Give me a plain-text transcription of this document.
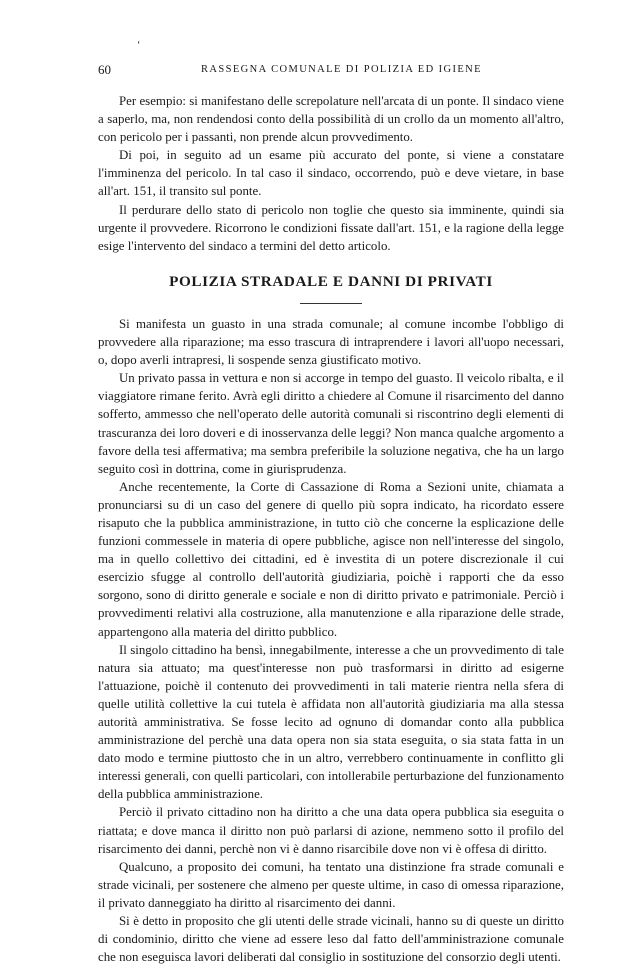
‘
60	RASSEGNA COMUNALE DI POLIZIA ED IGIENE

Per esempio: si manifestano delle screpolature nell'arcata di un ponte. Il sindaco viene a saperlo, ma, non rendendosi conto della possibilità di un crollo da un momento all'altro, con pericolo per i passanti, non prende alcun provvedimento.

Di poi, in seguito ad un esame più accurato del ponte, si viene a constatare l'imminenza del pericolo. In tal caso il sindaco, occorrendo, può e deve vietare, in base all'art. 151, il transito sul ponte.

Il perdurare dello stato di pericolo non toglie che questo sia imminente, quindi sia urgente il provvedere. Ricorrono le condizioni fissate dall'art. 151, e la ragione della legge esige l'intervento del sindaco a termini del detto articolo.

POLIZIA STRADALE E DANNI DI PRIVATI

Si manifesta un guasto in una strada comunale; al comune incombe l'obbligo di provvedere alla riparazione; ma esso trascura di intraprendere i lavori all'uopo necessari, o, dopo averli intrapresi, li sospende senza giustificato motivo.

Un privato passa in vettura e non si accorge in tempo del guasto. Il veicolo ribalta, e il viaggiatore rimane ferito. Avrà egli diritto a chiedere al Comune il risarcimento del danno sofferto, ammesso che nell'operato delle autorità comunali si riscontrino degli elementi di trascuranza dei loro doveri e di inosservanza delle leggi? Non manca qualche argomento a favore della tesi affermativa; ma sembra preferibile la soluzione negativa, che ha un largo seguito così in dottrina, come in giurisprudenza.

Anche recentemente, la Corte di Cassazione di Roma a Sezioni unite, chiamata a pronunciarsi su di un caso del genere di quello più sopra indicato, ha ricordato essere risaputo che la pubblica amministrazione, in tutto ciò che concerne la esplicazione delle funzioni commessele in materia di opere pubbliche, agisce non nell'interesse del singolo, ma in quello collettivo dei cittadini, ed è investita di un potere discrezionale il cui esercizio sfugge al controllo dell'autorità giudiziaria, poichè i rapporti che da esso sorgono, sono di diritto generale e sociale e non di diritto privato e patrimoniale. Perciò i provvedimenti relativi alla costruzione, alla manutenzione e alla riparazione delle strade, appartengono alla materia del diritto pubblico.

Il singolo cittadino ha bensì, innegabilmente, interesse a che un provvedimento di tale natura sia attuato; ma quest'interesse non può trasformarsi in diritto ad esigerne l'attuazione, poichè il contenuto dei provvedimenti in tali materie rientra nella sfera di quelle utilità collettive la cui tutela è affidata non all'autorità giudiziaria ma alla stessa autorità amministrativa. Se fosse lecito ad ognuno di domandar conto alla pubblica amministrazione del perchè una data opera non sia stata eseguita, o sia stata fatta in un dato modo e termine piuttosto che in un altro, verrebbero continuamente in conflitto gli interessi generali, con quelli particolari, con intollerabile perturbazione del funzionamento della pubblica amministrazione.

Perciò il privato cittadino non ha diritto a che una data opera pubblica sia eseguita o riattata; e dove manca il diritto non può parlarsi di azione, nemmeno sotto il profilo del risarcimento dei danni, perchè non vi è danno risarcibile dove non vi è offesa di diritto.

Qualcuno, a proposito dei comuni, ha tentato una distinzione fra strade comunali e strade vicinali, per sostenere che almeno per queste ultime, in caso di omessa riparazione, il privato danneggiato ha diritto al risarcimento dei danni.

Si è detto in proposito che gli utenti delle strade vicinali, hanno su di queste un diritto di condominio, diritto che viene ad essere leso dal fatto dell'amministrazione comunale che non eseguisca lavori deliberati dal consiglio in sostituzione del consorzio degli utenti.
